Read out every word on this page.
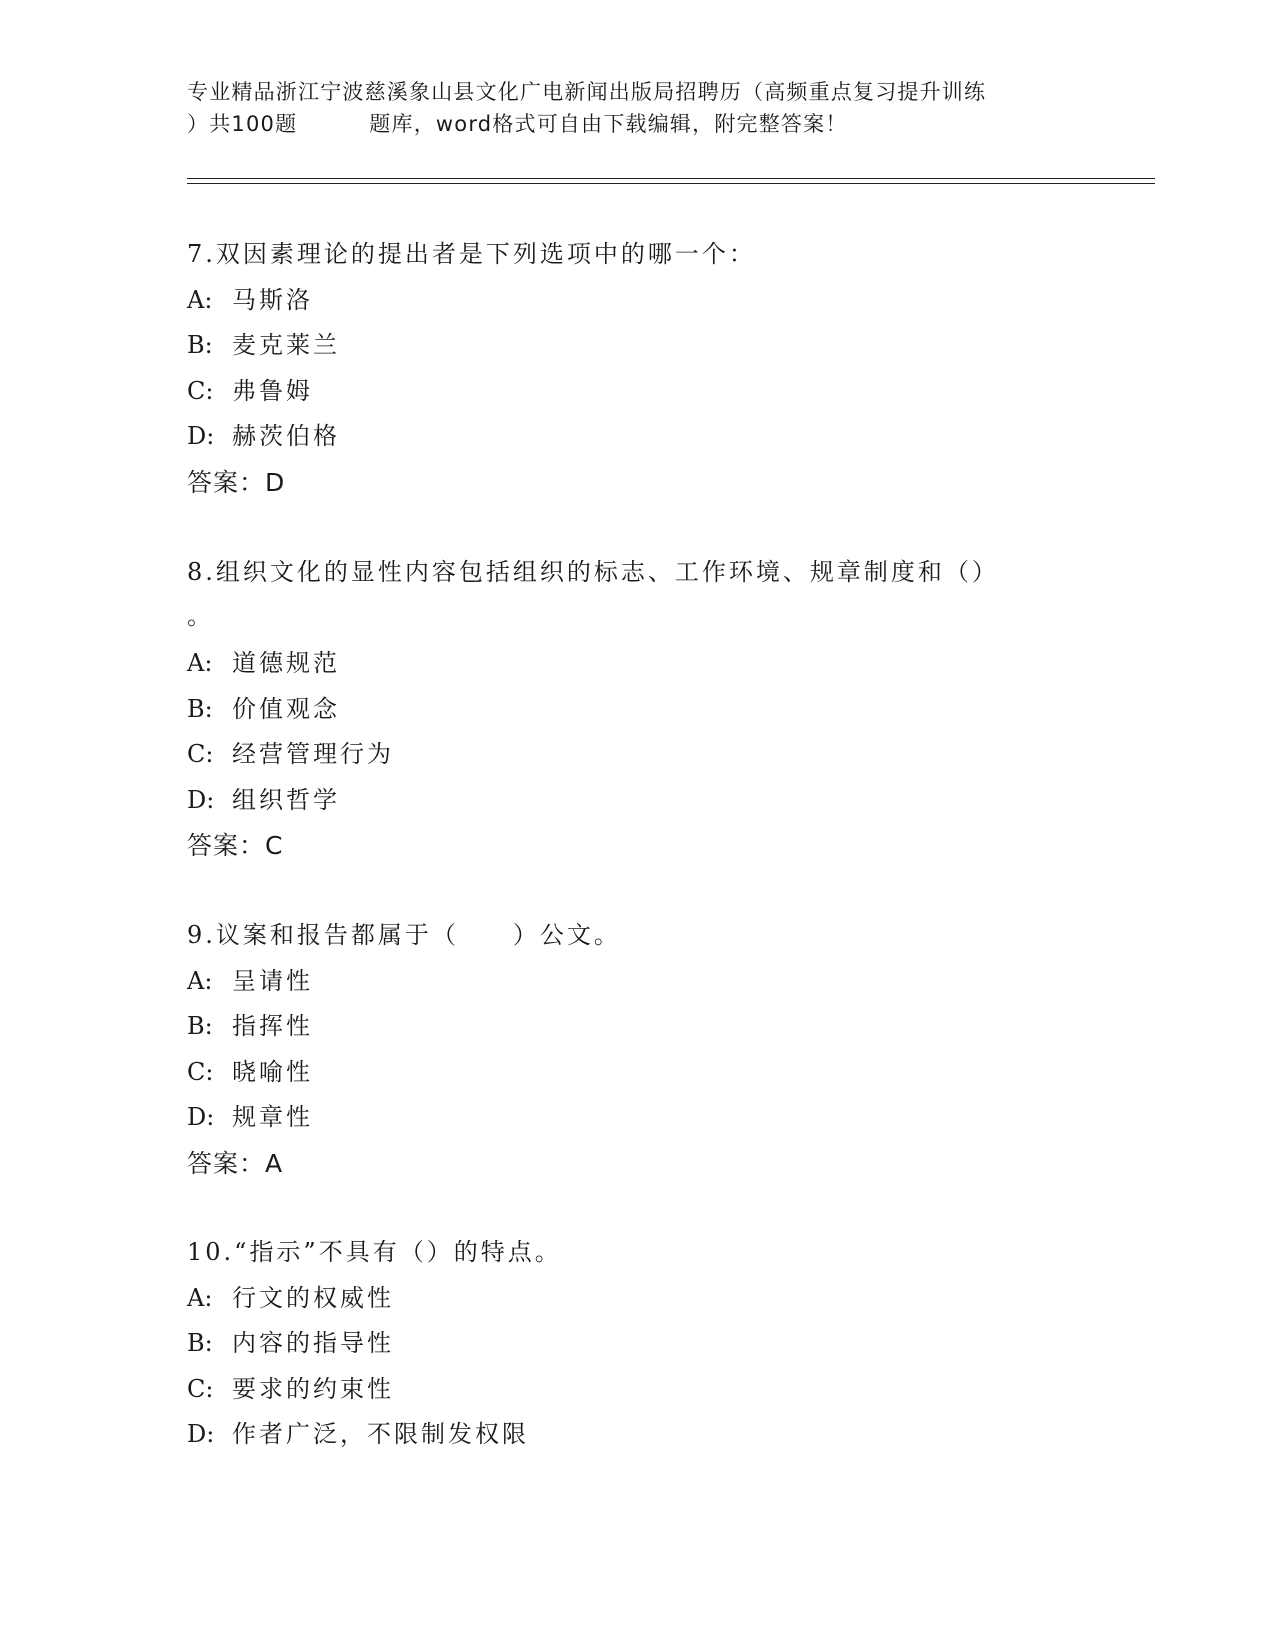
专业精品浙江宁波慈溪象山县文化广电新闻出版局招聘历（高频重点复习提升训练
）共100题	题库，word格式可自由下载编辑，附完整答案！
7.双因素理论的提出者是下列选项中的哪一个：
A: 马斯洛
B: 麦克莱兰
C: 弗鲁姆
D: 赫茨伯格
答案：D
8.组织文化的显性内容包括组织的标志、工作环境、规章制度和（）
。
A: 道德规范
B: 价值观念
C: 经营管理行为
D: 组织哲学
答案：C
9.议案和报告都属于（　　）公文。
A: 呈请性
B: 指挥性
C: 晓喻性
D: 规章性
答案：A
10.“指示”不具有（）的特点。
A: 行文的权威性
B: 内容的指导性
C: 要求的约束性
D: 作者广泛，不限制发权限
